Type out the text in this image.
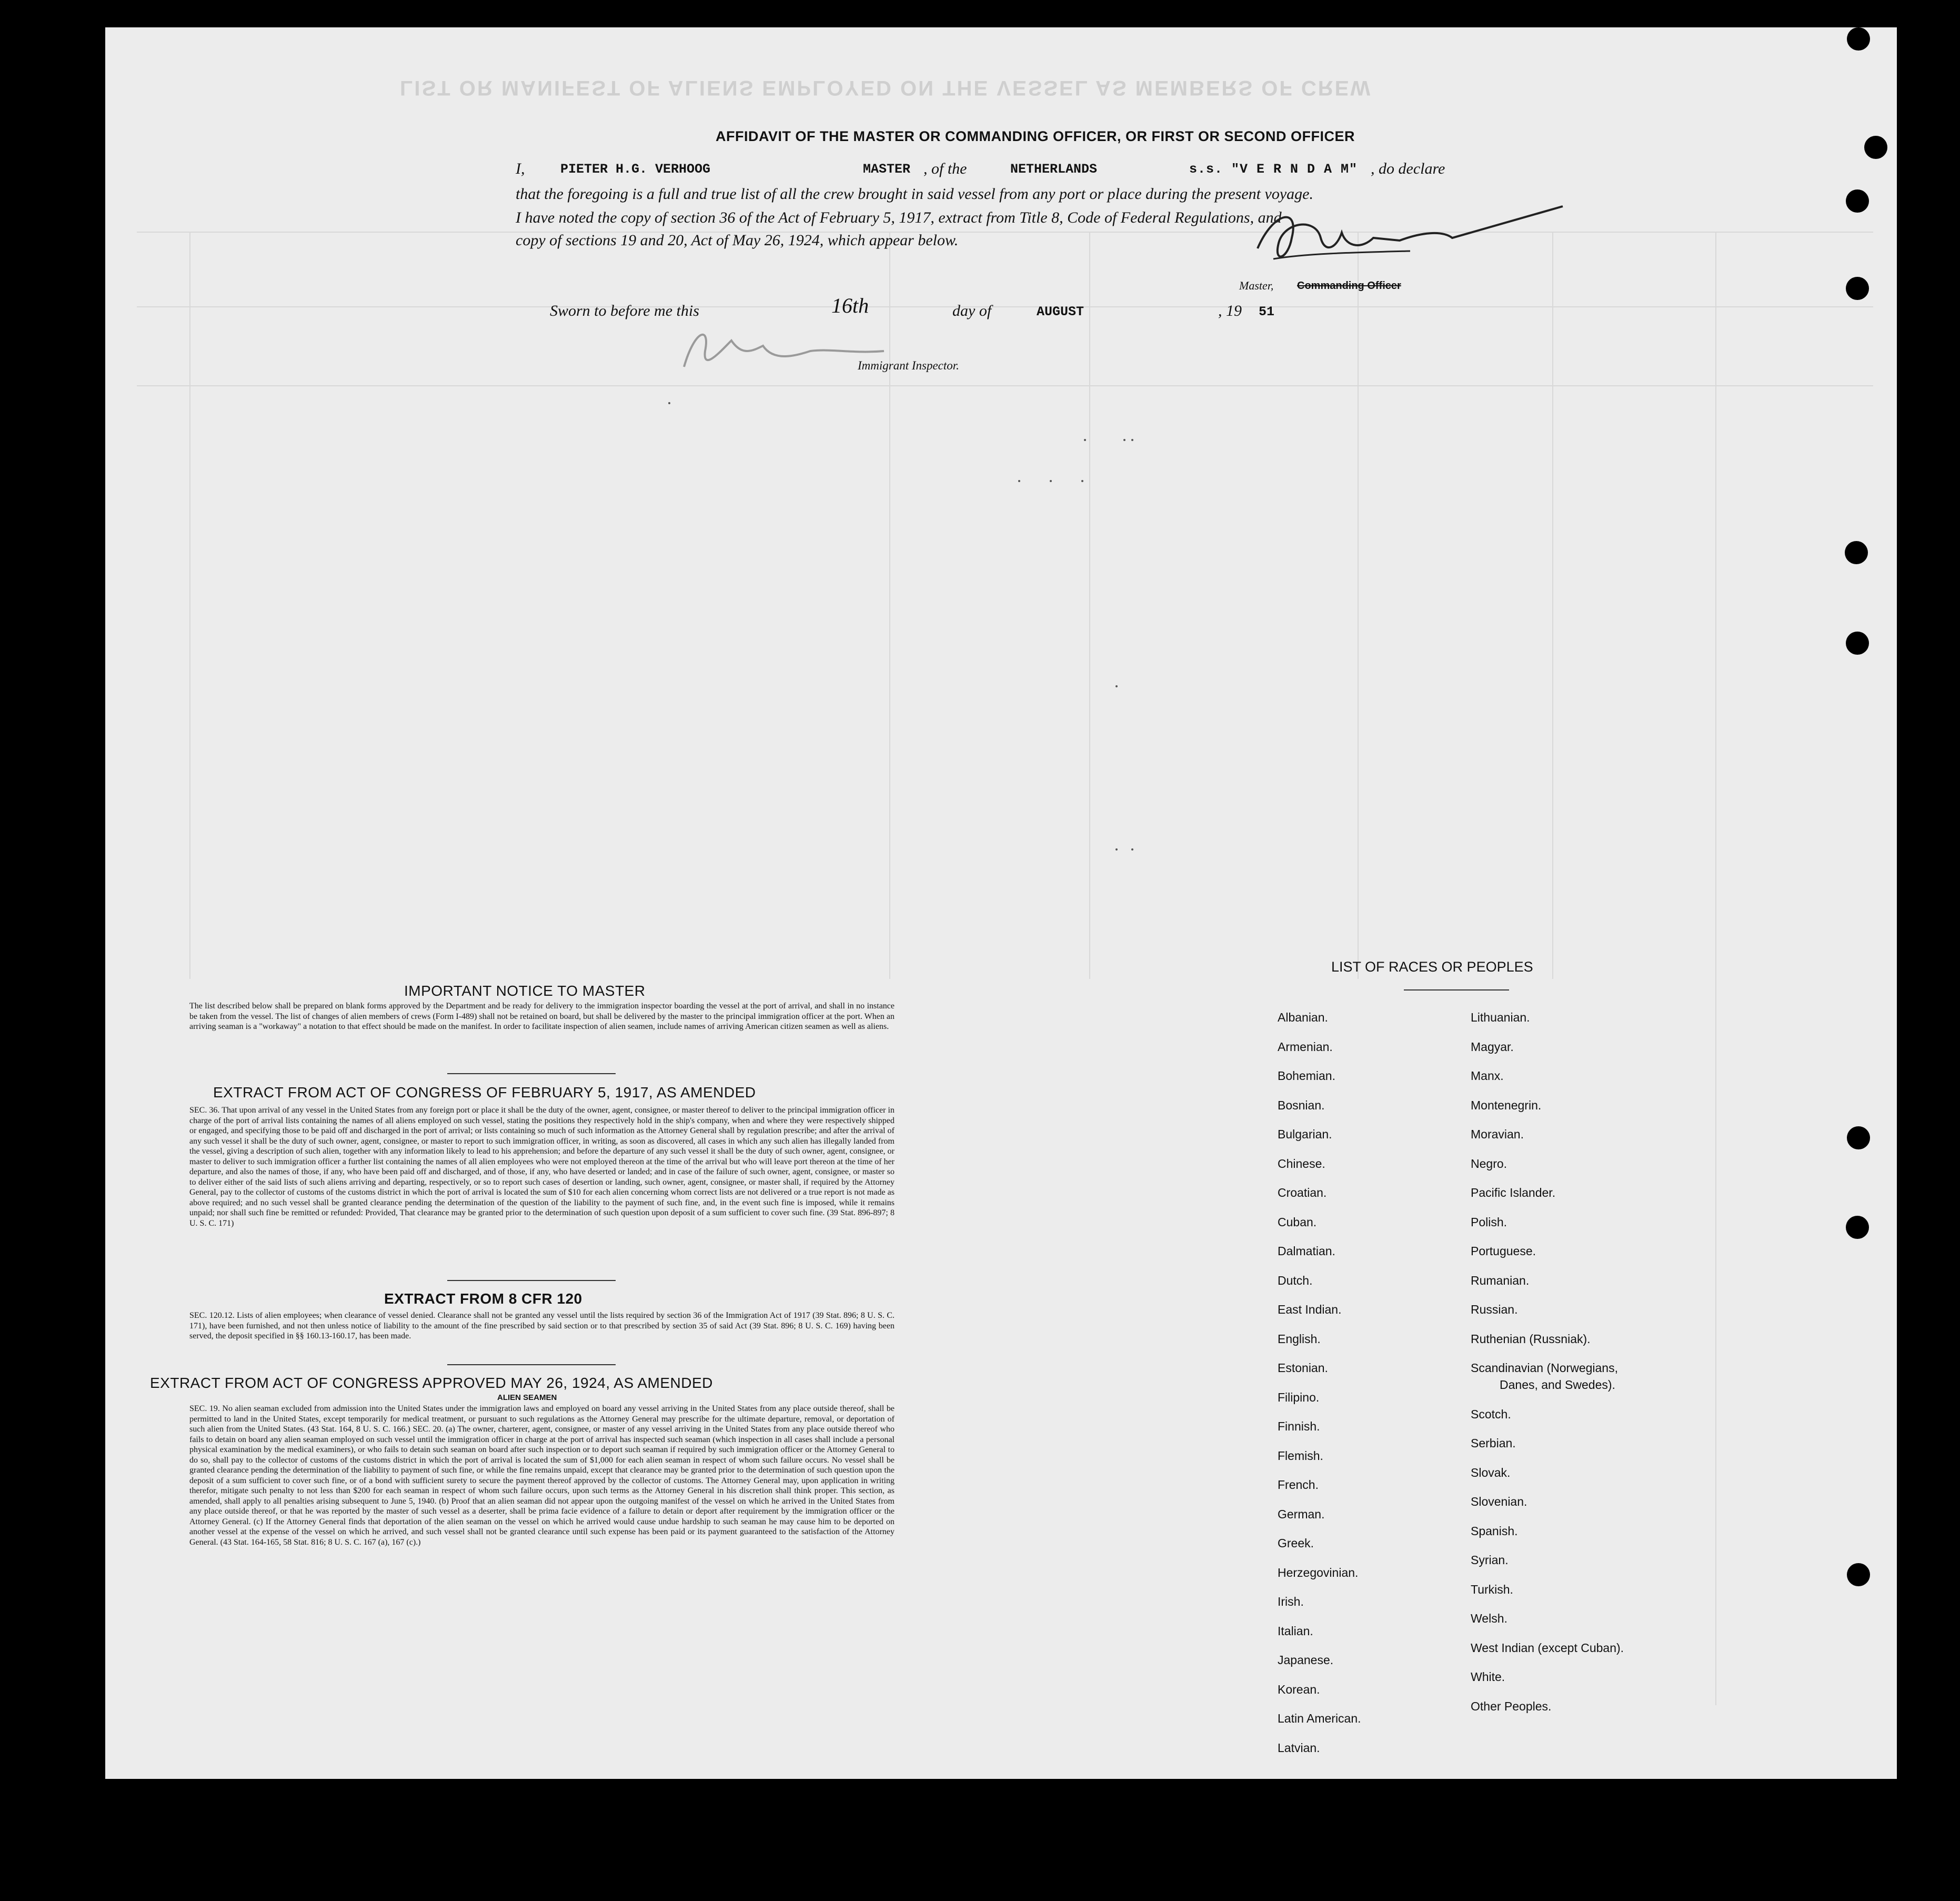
LIST OR MANIFEST OF ALIENS EMPLOYED ON THE VESSEL AS MEMBERS OF CREW
AFFIDAVIT OF THE MASTER OR COMMANDING OFFICER, OR FIRST OR SECOND OFFICER
I,	PIETER H.G. VERHOOG	MASTER , of the	NETHERLANDS	s.s. "V E R N D A M" , do declare
that the foregoing is a full and true list of all the crew brought in said vessel from any port or place during the present voyage.
I have noted the copy of section 36 of the Act of February 5, 1917, extract from Title 8, Code of Federal Regulations, and
copy of sections 19 and 20, Act of May 26, 1924, which appear below.
Master, Commanding Officer
Sworn to before me this	16th	day of	AUGUST	, 19 51
Immigrant Inspector.
IMPORTANT NOTICE TO MASTER
The list described below shall be prepared on blank forms approved by the Department and be ready for delivery to the immigration inspector boarding the vessel at the port of arrival, and shall in no instance be taken from the vessel. The list of changes of alien members of crews (Form I-489) shall not be retained on board, but shall be delivered by the master to the principal immigration officer at the port. When an arriving seaman is a "workaway" a notation to that effect should be made on the manifest. In order to facilitate inspection of alien seamen, include names of arriving American citizen seamen as well as aliens.
EXTRACT FROM ACT OF CONGRESS OF FEBRUARY 5, 1917, AS AMENDED
SEC. 36. That upon arrival of any vessel in the United States from any foreign port or place it shall be the duty of the owner, agent, consignee, or master thereof to deliver to the principal immigration officer in charge of the port of arrival lists containing the names of all aliens employed on such vessel, stating the positions they respectively hold in the ship's company, when and where they were respectively shipped or engaged, and specifying those to be paid off and discharged in the port of arrival; or lists containing so much of such information as the Attorney General shall by regulation prescribe; and after the arrival of any such vessel it shall be the duty of such owner, agent, consignee, or master to report to such immigration officer, in writing, as soon as discovered, all cases in which any such alien has illegally landed from the vessel, giving a description of such alien, together with any information likely to lead to his apprehension; and before the departure of any such vessel it shall be the duty of such owner, agent, consignee, or master to deliver to such immigration officer a further list containing the names of all alien employees who were not employed thereon at the time of the arrival but who will leave port thereon at the time of her departure, and also the names of those, if any, who have been paid off and discharged, and of those, if any, who have deserted or landed; and in case of the failure of such owner, agent, consignee, or master so to deliver either of the said lists of such aliens arriving and departing, respectively, or so to report such cases of desertion or landing, such owner, agent, consignee, or master shall, if required by the Attorney General, pay to the collector of customs of the customs district in which the port of arrival is located the sum of $10 for each alien concerning whom correct lists are not delivered or a true report is not made as above required; and no such vessel shall be granted clearance pending the determination of the question of the liability to the payment of such fine, and, in the event such fine is imposed, while it remains unpaid; nor shall such fine be remitted or refunded: Provided, That clearance may be granted prior to the determination of such question upon deposit of a sum sufficient to cover such fine. (39 Stat. 896-897; 8 U. S. C. 171)
EXTRACT FROM 8 CFR 120
SEC. 120.12. Lists of alien employees; when clearance of vessel denied. Clearance shall not be granted any vessel until the lists required by section 36 of the Immigration Act of 1917 (39 Stat. 896; 8 U. S. C. 171), have been furnished, and not then unless notice of liability to the amount of the fine prescribed by said section or to that prescribed by section 35 of said Act (39 Stat. 896; 8 U. S. C. 169) having been served, the deposit specified in §§ 160.13-160.17, has been made.
EXTRACT FROM ACT OF CONGRESS APPROVED MAY 26, 1924, AS AMENDED
ALIEN SEAMEN
SEC. 19. No alien seaman excluded from admission into the United States under the immigration laws and employed on board any vessel arriving in the United States from any place outside thereof, shall be permitted to land in the United States, except temporarily for medical treatment, or pursuant to such regulations as the Attorney General may prescribe for the ultimate departure, removal, or deportation of such alien from the United States. (43 Stat. 164, 8 U. S. C. 166.) SEC. 20. (a) The owner, charterer, agent, consignee, or master of any vessel arriving in the United States from any place outside thereof who fails to detain on board any alien seaman employed on such vessel until the immigration officer in charge at the port of arrival has inspected such seaman (which inspection in all cases shall include a personal physical examination by the medical examiners), or who fails to detain such seaman on board after such inspection or to deport such seaman if required by such immigration officer or the Attorney General to do so, shall pay to the collector of customs of the customs district in which the port of arrival is located the sum of $1,000 for each alien seaman in respect of whom such failure occurs. No vessel shall be granted clearance pending the determination of the liability to payment of such fine, or while the fine remains unpaid, except that clearance may be granted prior to the determination of such question upon the deposit of a sum sufficient to cover such fine, or of a bond with sufficient surety to secure the payment thereof approved by the collector of customs. The Attorney General may, upon application in writing therefor, mitigate such penalty to not less than $200 for each seaman in respect of whom such failure occurs, upon such terms as the Attorney General in his discretion shall think proper. This section, as amended, shall apply to all penalties arising subsequent to June 5, 1940. (b) Proof that an alien seaman did not appear upon the outgoing manifest of the vessel on which he arrived in the United States from any place outside thereof, or that he was reported by the master of such vessel as a deserter, shall be prima facie evidence of a failure to detain or deport after requirement by the immigration officer or the Attorney General. (c) If the Attorney General finds that deportation of the alien seaman on the vessel on which he arrived would cause undue hardship to such seaman he may cause him to be deported on another vessel at the expense of the vessel on which he arrived, and such vessel shall not be granted clearance until such expense has been paid or its payment guaranteed to the satisfaction of the Attorney General. (43 Stat. 164-165, 58 Stat. 816; 8 U. S. C. 167 (a), 167 (c).)
LIST OF RACES OR PEOPLES
Albanian.
Armenian.
Bohemian.
Bosnian.
Bulgarian.
Chinese.
Croatian.
Cuban.
Dalmatian.
Dutch.
East Indian.
English.
Estonian.
Filipino.
Finnish.
Flemish.
French.
German.
Greek.
Herzegovinian.
Irish.
Italian.
Japanese.
Korean.
Latin American.
Latvian.
Lithuanian.
Magyar.
Manx.
Montenegrin.
Moravian.
Negro.
Pacific Islander.
Polish.
Portuguese.
Rumanian.
Russian.
Ruthenian (Russniak).
Scandinavian (Norwegians,
Danes, and Swedes).
Scotch.
Serbian.
Slovak.
Slovenian.
Spanish.
Syrian.
Turkish.
Welsh.
West Indian (except Cuban).
White.
Other Peoples.
